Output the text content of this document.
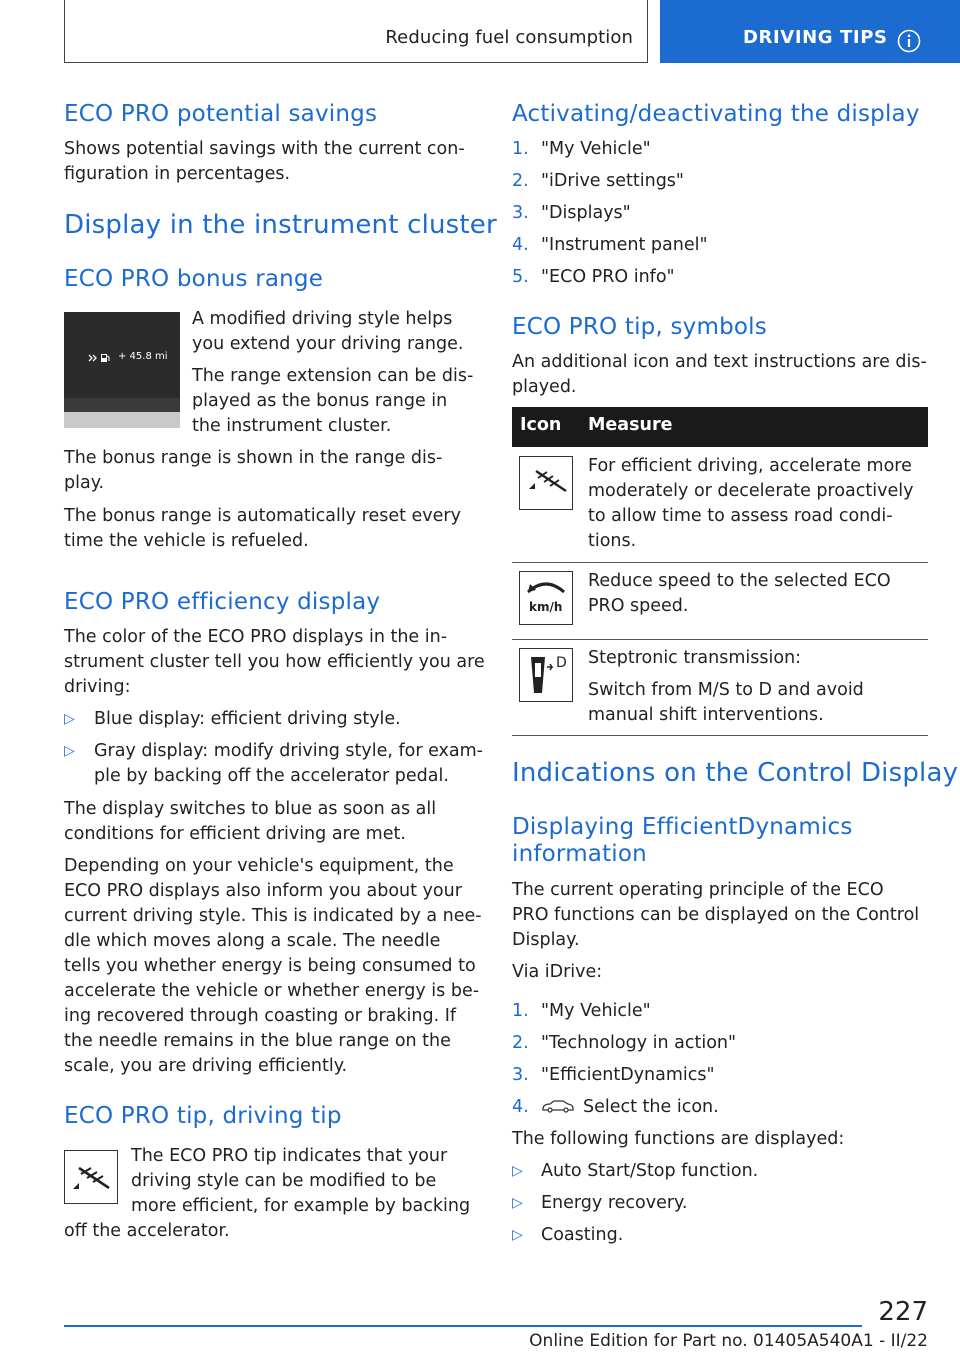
Reducing fuel consumption	DRIVING TIPS
ECO PRO potential savings
Shows potential savings with the current con-
figuration in percentages.
Display in the instrument cluster
ECO PRO bonus range
+ 45.8 mi
A modified driving style helps
you extend your driving range.
The range extension can be dis-
played as the bonus range in
the instrument cluster.
The bonus range is shown in the range dis-
play.
The bonus range is automatically reset every
time the vehicle is refueled.
ECO PRO efficiency display
The color of the ECO PRO displays in the in-
strument cluster tell you how efficiently you are
driving:
▷ Blue display: efficient driving style.
▷ Gray display: modify driving style, for exam-
ple by backing off the accelerator pedal.
The display switches to blue as soon as all
conditions for efficient driving are met.
Depending on your vehicle's equipment, the
ECO PRO displays also inform you about your
current driving style. This is indicated by a nee-
dle which moves along a scale. The needle
tells you whether energy is being consumed to
accelerate the vehicle or whether energy is be-
ing recovered through coasting or braking. If
the needle remains in the blue range on the
scale, you are driving efficiently.
ECO PRO tip, driving tip
The ECO PRO tip indicates that your
driving style can be modified to be
more efficient, for example by backing
off the accelerator.
Activating/deactivating the display
1. "My Vehicle"
2. "iDrive settings"
3. "Displays"
4. "Instrument panel"
5. "ECO PRO info"
ECO PRO tip, symbols
An additional icon and text instructions are dis-
played.
Icon Measure
For efficient driving, accelerate more
moderately or decelerate proactively
to allow time to assess road condi-
tions.
km/h
Reduce speed to the selected ECO
PRO speed.
D Steptronic transmission:
Switch from M/S to D and avoid
manual shift interventions.
Indications on the Control Display
Displaying EfficientDynamics
information
The current operating principle of the ECO
PRO functions can be displayed on the Control
Display.
Via iDrive:
1. "My Vehicle"
2. "Technology in action"
3. "EfficientDynamics"
4.	Select the icon.
The following functions are displayed:
▷ Auto Start/Stop function.
▷ Energy recovery.
▷ Coasting.
227
Online Edition for Part no. 01405A540A1 - II/22
